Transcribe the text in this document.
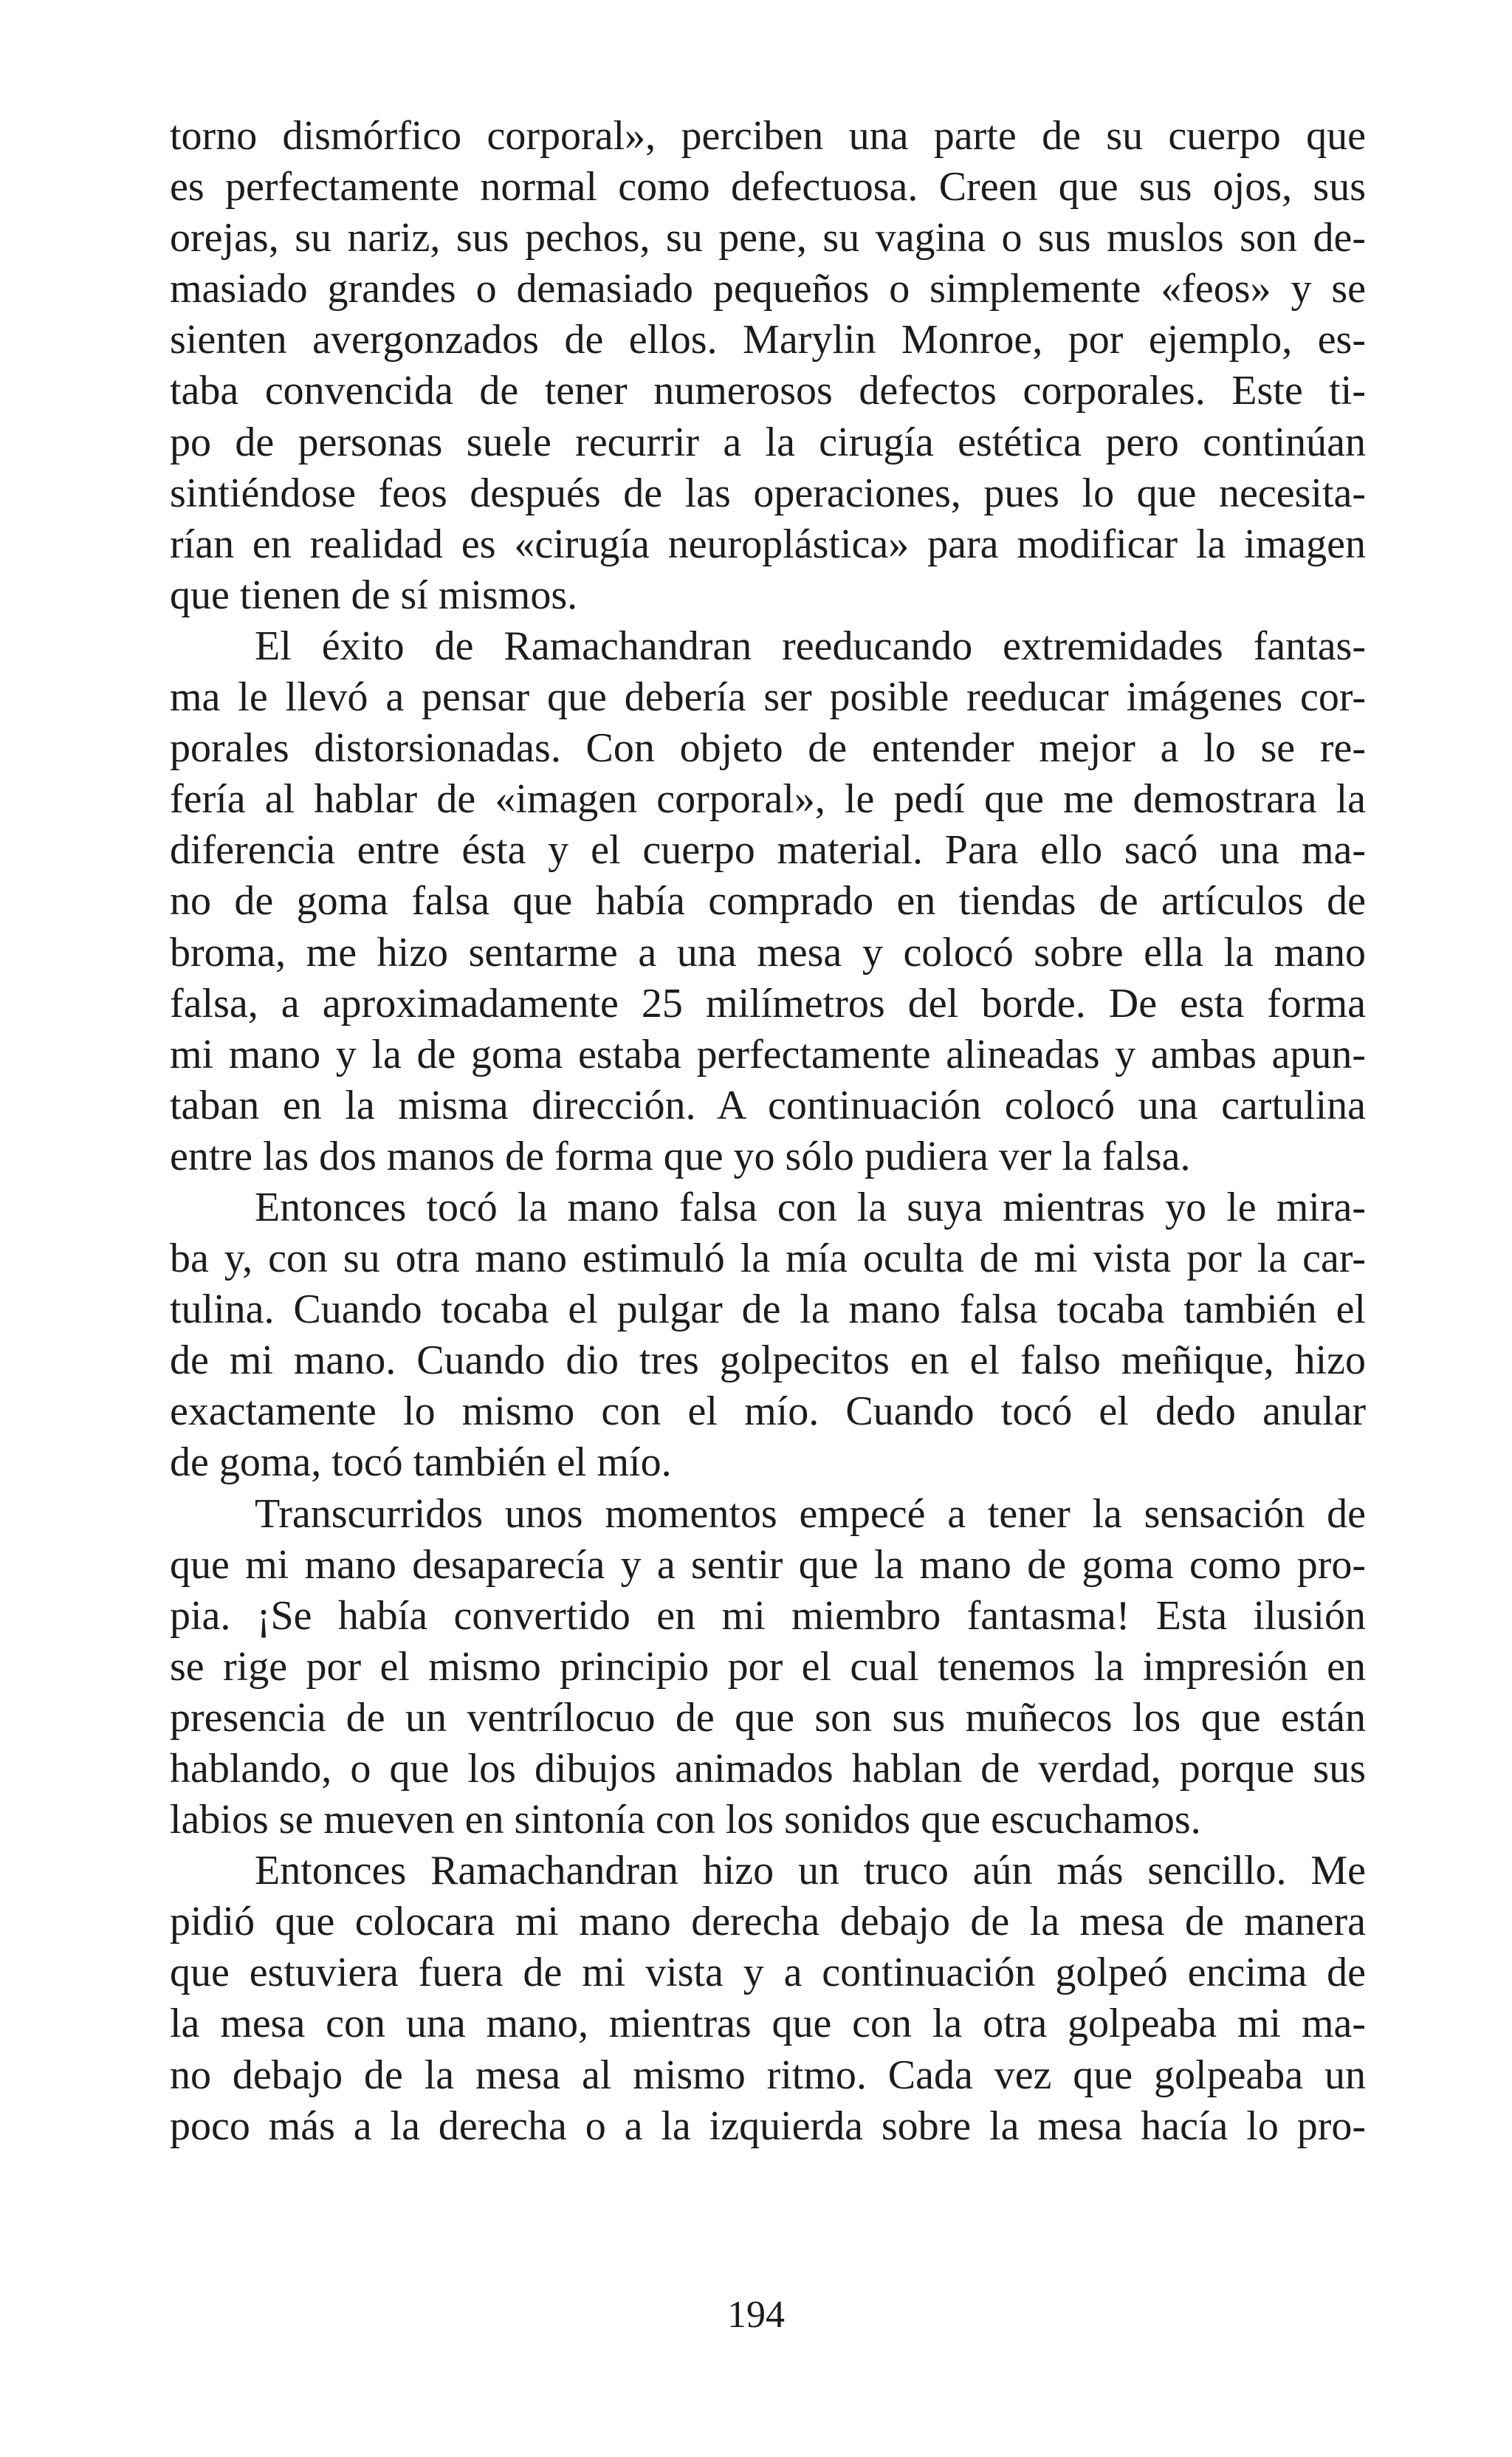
torno dismórfico corporal», perciben una parte de su cuerpo que
es perfectamente normal como defectuosa. Creen que sus ojos, sus
orejas, su nariz, sus pechos, su pene, su vagina o sus muslos son de-
masiado grandes o demasiado pequeños o simplemente «feos» y se
sienten avergonzados de ellos. Marylin Monroe, por ejemplo, es-
taba convencida de tener numerosos defectos corporales. Este ti-
po de personas suele recurrir a la cirugía estética pero continúan
sintiéndose feos después de las operaciones, pues lo que necesita-
rían en realidad es «cirugía neuroplástica» para modificar la imagen
que tienen de sí mismos.
El éxito de Ramachandran reeducando extremidades fantas-
ma le llevó a pensar que debería ser posible reeducar imágenes cor-
porales distorsionadas. Con objeto de entender mejor a lo se re-
fería al hablar de «imagen corporal», le pedí que me demostrara la
diferencia entre ésta y el cuerpo material. Para ello sacó una ma-
no de goma falsa que había comprado en tiendas de artículos de
broma, me hizo sentarme a una mesa y colocó sobre ella la mano
falsa, a aproximadamente 25 milímetros del borde. De esta forma
mi mano y la de goma estaba perfectamente alineadas y ambas apun-
taban en la misma dirección. A continuación colocó una cartulina
entre las dos manos de forma que yo sólo pudiera ver la falsa.
Entonces tocó la mano falsa con la suya mientras yo le mira-
ba y, con su otra mano estimuló la mía oculta de mi vista por la car-
tulina. Cuando tocaba el pulgar de la mano falsa tocaba también el
de mi mano. Cuando dio tres golpecitos en el falso meñique, hizo
exactamente lo mismo con el mío. Cuando tocó el dedo anular
de goma, tocó también el mío.
Transcurridos unos momentos empecé a tener la sensación de
que mi mano desaparecía y a sentir que la mano de goma como pro-
pia. ¡Se había convertido en mi miembro fantasma! Esta ilusión
se rige por el mismo principio por el cual tenemos la impresión en
presencia de un ventrílocuo de que son sus muñecos los que están
hablando, o que los dibujos animados hablan de verdad, porque sus
labios se mueven en sintonía con los sonidos que escuchamos.
Entonces Ramachandran hizo un truco aún más sencillo. Me
pidió que colocara mi mano derecha debajo de la mesa de manera
que estuviera fuera de mi vista y a continuación golpeó encima de
la mesa con una mano, mientras que con la otra golpeaba mi ma-
no debajo de la mesa al mismo ritmo. Cada vez que golpeaba un
poco más a la derecha o a la izquierda sobre la mesa hacía lo pro-
194
